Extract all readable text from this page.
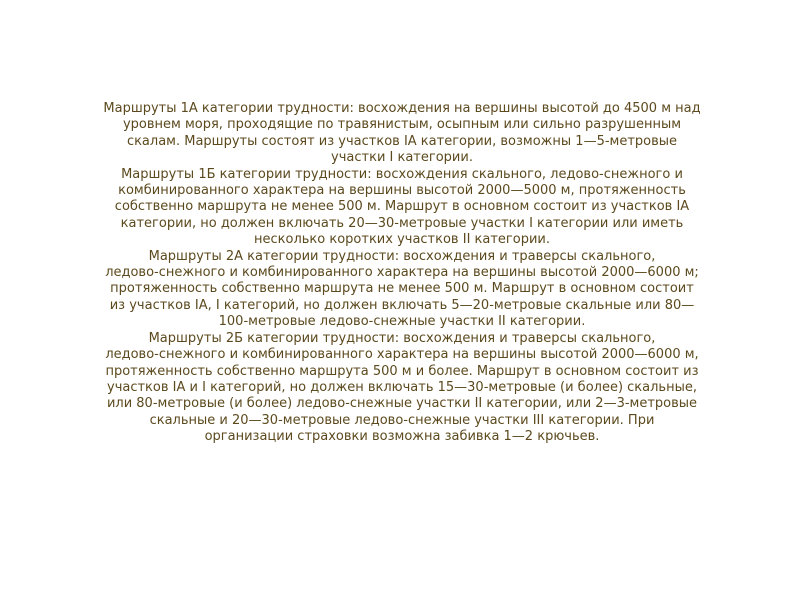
Маршруты 1А категории трудности: восхождения на вершины высотой до 4500 м над
уровнем моря, проходящие по травянистым, осыпным или сильно разрушенным
скалам. Маршруты состоят из участков IА категории, возможны 1—5-метровые
участки I категории.

Маршруты 1Б категории трудности: восхождения скального, ледово-снежного и
комбинированного характера на вершины высотой 2000—5000 м, протяженность
собственно маршрута не менее 500 м. Маршрут в основном состоит из участков IА
категории, но должен включать 20—30-метровые участки I категории или иметь
несколько коротких участков II категории.

Маршруты 2А категории трудности: восхождения и траверсы скального,
ледово-снежного и комбинированного характера на вершины высотой 2000—6000 м;
протяженность собственно маршрута не менее 500 м. Маршрут в основном состоит
из участков IА, I категорий, но должен включать 5—20-метровые скальные или 80—
100-метровые ледово-снежные участки II категории.

Маршруты 2Б категории трудности: восхождения и траверсы скального,
ледово-снежного и комбинированного характера на вершины высотой 2000—6000 м,
протяженность собственно маршрута 500 м и более. Маршрут в основном состоит из
участков IА и I категорий, но должен включать 15—30-метровые (и более) скальные,
или 80-метровые (и более) ледово-снежные участки II категории, или 2—3-метровые
скальные и 20—30-метровые ледово-снежные участки III категории. При
организации страховки возможна забивка 1—2 крючьев.
